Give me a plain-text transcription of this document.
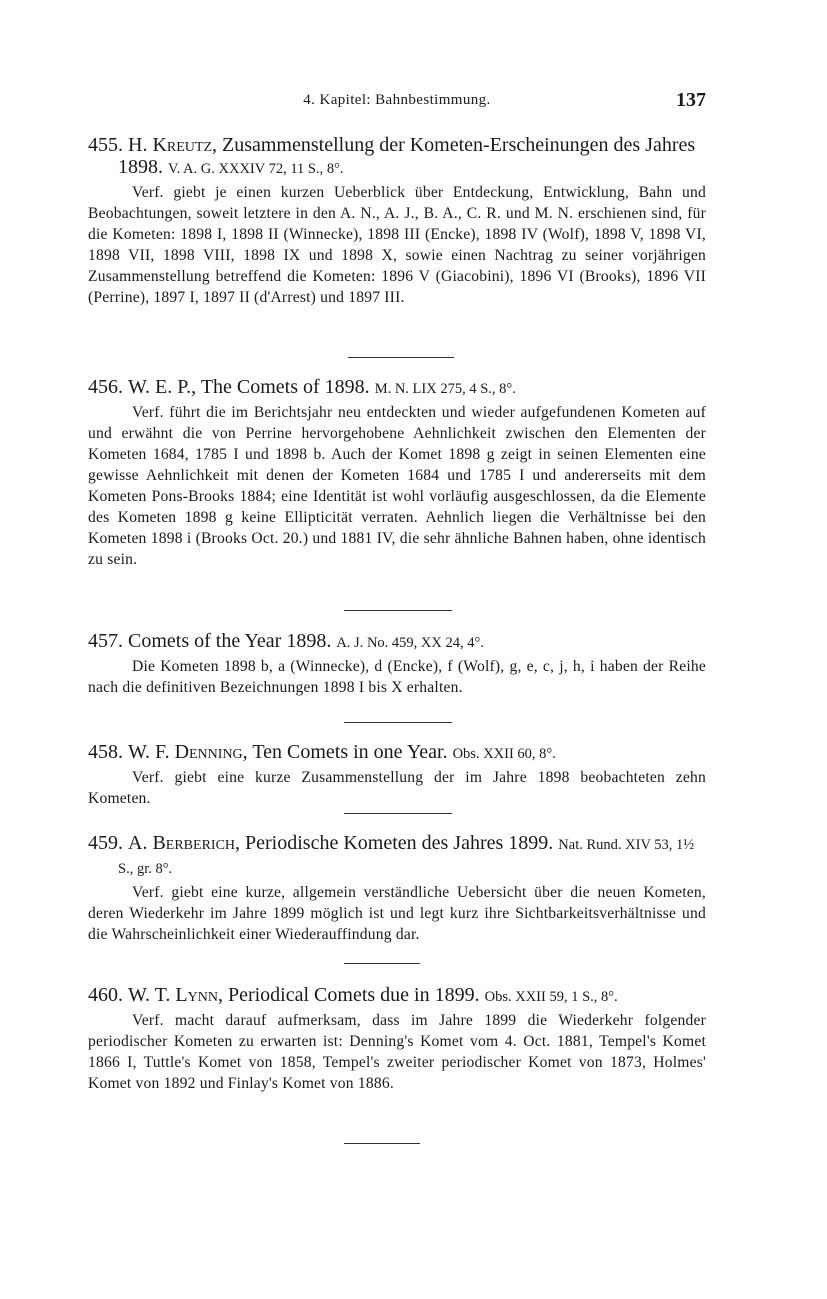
4. Kapitel: Bahnbestimmung.	137

455. H. Kreutz, Zusammenstellung der Kometen-Erscheinungen des Jahres 1898. V. A. G. XXXIV 72, 11 S., 8°.

Verf. giebt je einen kurzen Ueberblick über Entdeckung, Entwicklung, Bahn und Beobachtungen, soweit letztere in den A. N., A. J., B. A., C. R. und M. N. erschienen sind, für die Kometen: 1898 I, 1898 II (Winnecke), 1898 III (Encke), 1898 IV (Wolf), 1898 V, 1898 VI, 1898 VII, 1898 VIII, 1898 IX und 1898 X, sowie einen Nachtrag zu seiner vorjährigen Zusammenstellung betreffend die Kometen: 1896 V (Giacobini), 1896 VI (Brooks), 1896 VII (Perrine), 1897 I, 1897 II (d'Arrest) und 1897 III.

456. W. E. P., The Comets of 1898. M. N. LIX 275, 4 S., 8°.

Verf. führt die im Berichtsjahr neu entdeckten und wieder aufgefundenen Kometen auf und erwähnt die von Perrine hervorgehobene Aehnlichkeit zwischen den Elementen der Kometen 1684, 1785 I und 1898 b. Auch der Komet 1898 g zeigt in seinen Elementen eine gewisse Aehnlichkeit mit denen der Kometen 1684 und 1785 I und andererseits mit dem Kometen Pons-Brooks 1884; eine Identität ist wohl vorläufig ausgeschlossen, da die Elemente des Kometen 1898 g keine Ellipticität verraten. Aehnlich liegen die Verhältnisse bei den Kometen 1898 i (Brooks Oct. 20.) und 1881 IV, die sehr ähnliche Bahnen haben, ohne identisch zu sein.

457. Comets of the Year 1898. A. J. No. 459, XX 24, 4°.

Die Kometen 1898 b, a (Winnecke), d (Encke), f (Wolf), g, e, c, j, h, i haben der Reihe nach die definitiven Bezeichnungen 1898 I bis X erhalten.

458. W. F. Denning, Ten Comets in one Year. Obs. XXII 60, 8°.

Verf. giebt eine kurze Zusammenstellung der im Jahre 1898 beobachteten zehn Kometen.

459. A. Berberich, Periodische Kometen des Jahres 1899. Nat. Rund. XIV 53, 1½ S., gr. 8°.

Verf. giebt eine kurze, allgemein verständliche Uebersicht über die neuen Kometen, deren Wiederkehr im Jahre 1899 möglich ist und legt kurz ihre Sichtbarkeitsverhältnisse und die Wahrscheinlichkeit einer Wiederauffindung dar.

460. W. T. Lynn, Periodical Comets due in 1899. Obs. XXII 59, 1 S., 8°.

Verf. macht darauf aufmerksam, dass im Jahre 1899 die Wiederkehr folgender periodischer Kometen zu erwarten ist: Denning's Komet vom 4. Oct. 1881, Tempel's Komet 1866 I, Tuttle's Komet von 1858, Tempel's zweiter periodischer Komet von 1873, Holmes' Komet von 1892 und Finlay's Komet von 1886.
